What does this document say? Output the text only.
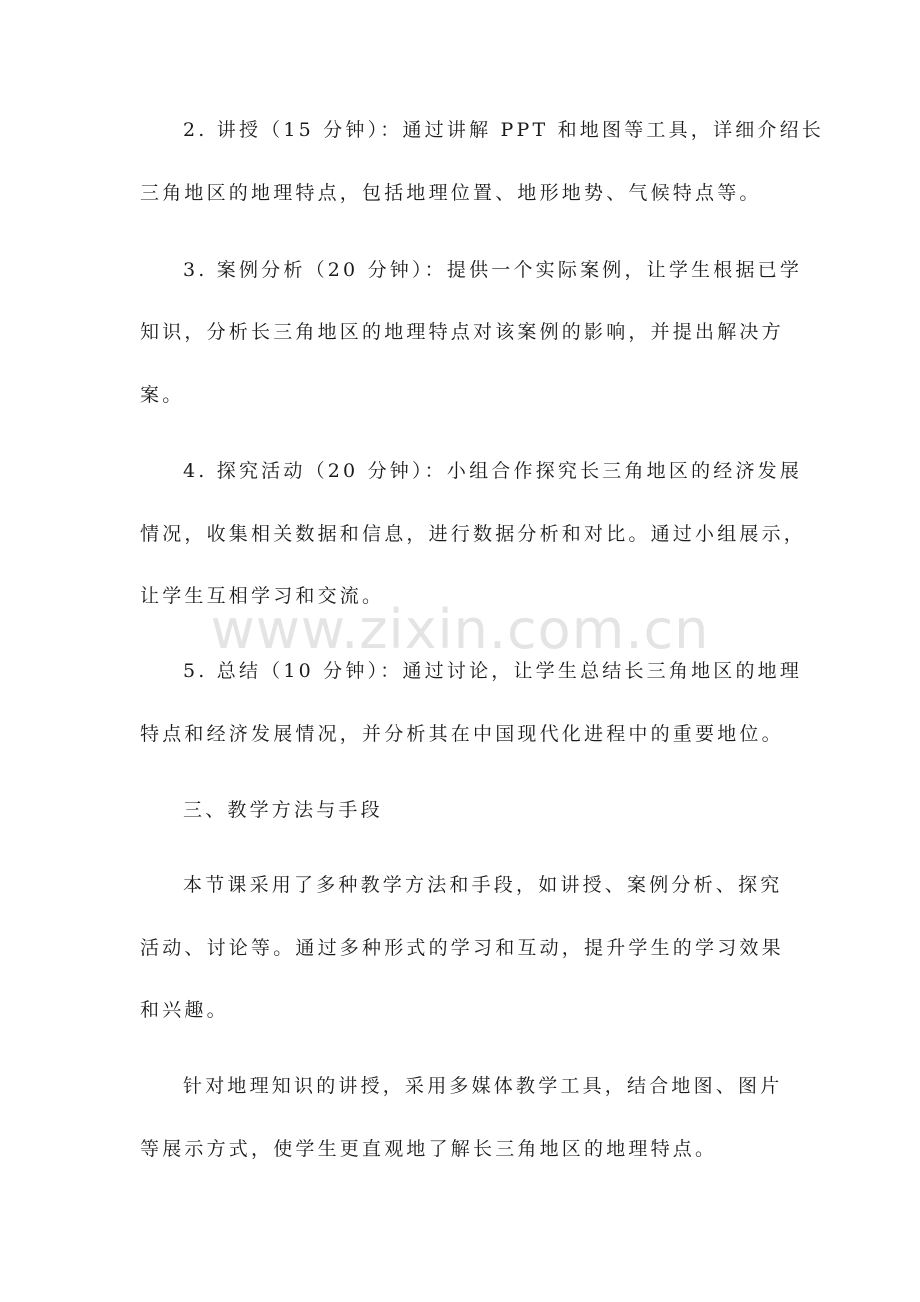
2. 讲授（15 分钟）：通过讲解 PPT 和地图等工具，详细介绍长
三角地区的地理特点，包括地理位置、地形地势、气候特点等。
3. 案例分析（20 分钟）：提供一个实际案例，让学生根据已学
知识，分析长三角地区的地理特点对该案例的影响，并提出解决方
案。
4. 探究活动（20 分钟）：小组合作探究长三角地区的经济发展
情况，收集相关数据和信息，进行数据分析和对比。通过小组展示，
让学生互相学习和交流。
5. 总结（10 分钟）：通过讨论，让学生总结长三角地区的地理
特点和经济发展情况，并分析其在中国现代化进程中的重要地位。
三、教学方法与手段
本节课采用了多种教学方法和手段，如讲授、案例分析、探究
活动、讨论等。通过多种形式的学习和互动，提升学生的学习效果
和兴趣。
针对地理知识的讲授，采用多媒体教学工具，结合地图、图片
等展示方式，使学生更直观地了解长三角地区的地理特点。
www.zixin.com.cn
